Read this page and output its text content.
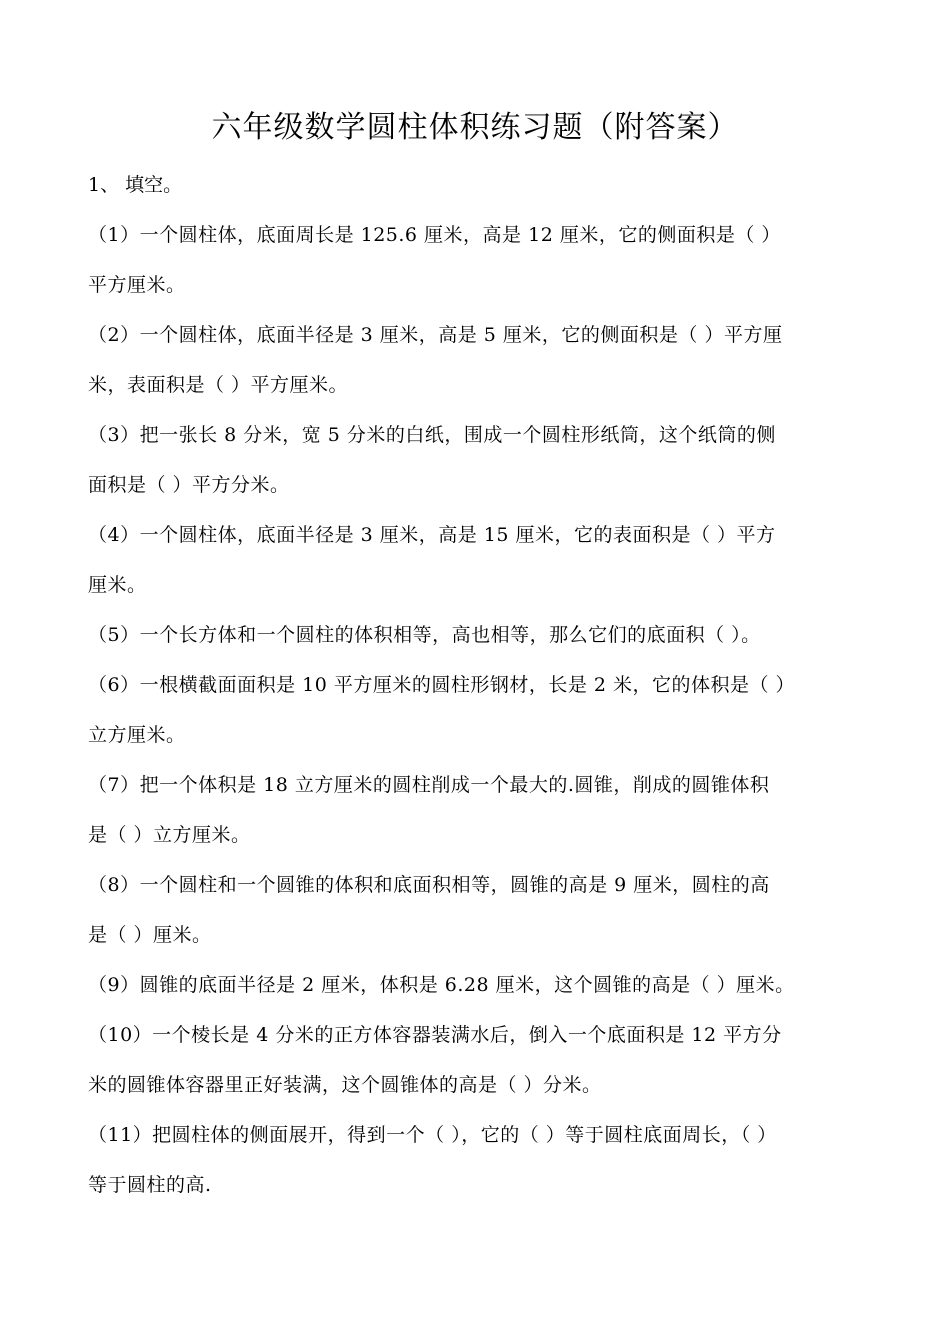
六年级数学圆柱体积练习题（附答案）
1、 填空。
（1）一个圆柱体，底面周长是 125.6 厘米，高是 12 厘米，它的侧面积是（ ）
平方厘米。
（2）一个圆柱体，底面半径是 3 厘米，高是 5 厘米，它的侧面积是（ ）平方厘
米，表面积是（ ）平方厘米。
（3）把一张长 8 分米，宽 5 分米的白纸，围成一个圆柱形纸筒，这个纸筒的侧
面积是（ ）平方分米。
（4）一个圆柱体，底面半径是 3 厘米，高是 15 厘米，它的表面积是（ ）平方
厘米。
（5）一个长方体和一个圆柱的体积相等，高也相等，那么它们的底面积（ ）。
（6）一根横截面面积是 10 平方厘米的圆柱形钢材，长是 2 米，它的体积是（ ）
立方厘米。
（7）把一个体积是 18 立方厘米的圆柱削成一个最大的.圆锥，削成的圆锥体积
是（ ）立方厘米。
（8）一个圆柱和一个圆锥的体积和底面积相等，圆锥的高是 9 厘米，圆柱的高
是（ ）厘米。
（9）圆锥的底面半径是 2 厘米，体积是 6.28 厘米，这个圆锥的高是（ ）厘米。
（10）一个棱长是 4 分米的正方体容器装满水后，倒入一个底面积是 12 平方分
米的圆锥体容器里正好装满，这个圆锥体的高是（ ）分米。
（11）把圆柱体的侧面展开，得到一个（ ），它的（ ）等于圆柱底面周长，（ ）
等于圆柱的高.
